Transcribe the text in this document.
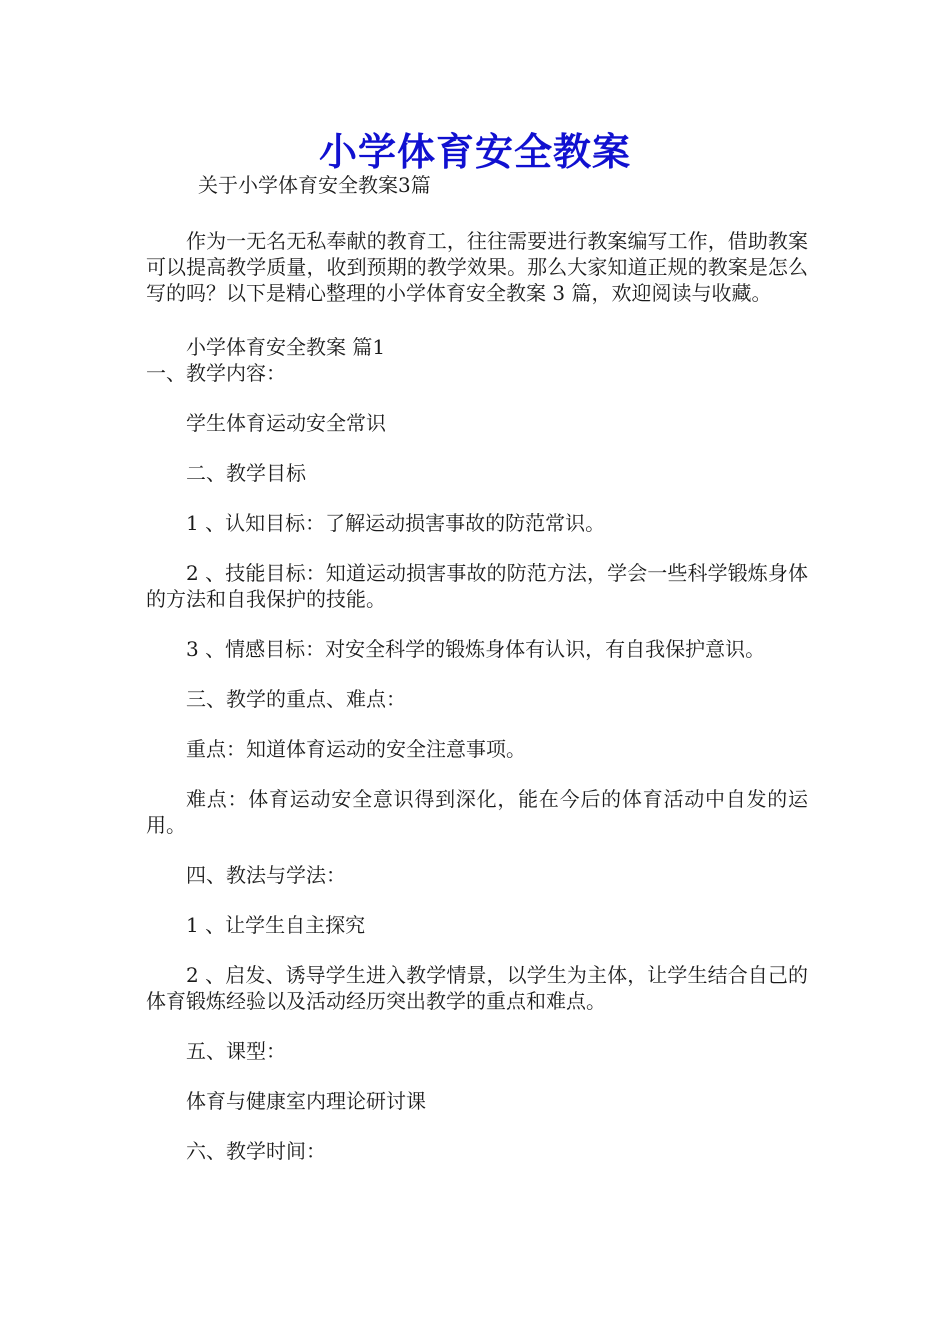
小学体育安全教案

关于小学体育安全教案3篇

作为一无名无私奉献的教育工，往往需要进行教案编写工作，借助教案可以提高教学质量，收到预期的教学效果。那么大家知道正规的教案是怎么写的吗？以下是精心整理的小学体育安全教案 3 篇，欢迎阅读与收藏。

小学体育安全教案 篇1

一、教学内容：

学生体育运动安全常识

二、教学目标

1 、认知目标：了解运动损害事故的防范常识。

2 、技能目标：知道运动损害事故的防范方法，学会一些科学锻炼身体的方法和自我保护的技能。

3 、情感目标：对安全科学的锻炼身体有认识，有自我保护意识。

三、教学的重点、难点：

重点：知道体育运动的安全注意事项。

难点：体育运动安全意识得到深化，能在今后的体育活动中自发的运用。

四、教法与学法：

1 、让学生自主探究

2 、启发、诱导学生进入教学情景，以学生为主体，让学生结合自己的体育锻炼经验以及活动经历突出教学的重点和难点。

五、课型：

体育与健康室内理论研讨课

六、教学时间：
